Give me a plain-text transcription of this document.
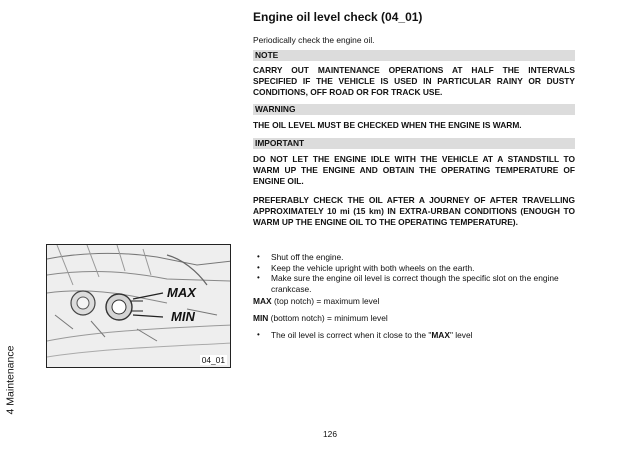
4 Maintenance
Engine oil level check (04_01)

Periodically check the engine oil.

NOTE

CARRY OUT MAINTENANCE OPERATIONS AT HALF THE INTERVALS SPECIFIED IF THE VEHICLE IS USED IN PARTICULAR RAINY OR DUSTY CONDITIONS, OFF ROAD OR FOR TRACK USE.

WARNING

THE OIL LEVEL MUST BE CHECKED WHEN THE ENGINE IS WARM.

IMPORTANT

DO NOT LET THE ENGINE IDLE WITH THE VEHICLE AT A STANDSTILL TO WARM UP THE ENGINE AND OBTAIN THE OPERATING TEMPERATURE OF ENGINE OIL.

PREFERABLY CHECK THE OIL AFTER A JOURNEY OF AFTER TRAVELLING APPROXIMATELY 10 mi (15 km) IN EXTRA-URBAN CONDITIONS (ENOUGH TO WARM UP THE ENGINE OIL TO THE OPERATING TEMPERATURE).

MAX
MIN
04_01
• Shut off the engine.
• Keep the vehicle upright with both wheels on the earth.
• Make sure the engine oil level is correct though the specific slot on the engine crankcase.

MAX (top notch) = maximum level

MIN (bottom notch) = minimum level

• The oil level is correct when it close to the "MAX" level
126
